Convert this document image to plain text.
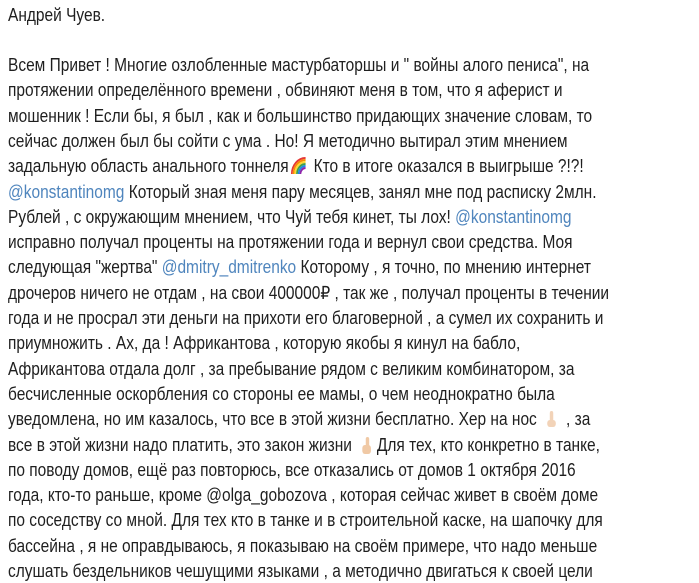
Андрей Чуев.
Всем Привет ! Многие озлобленные мастурбаторшы и " войны алого пениса", на
протяжении определённого времени , обвиняют меня в том, что я аферист и
мошенник ! Если бы, я был , как и большинство придающих значение словам, то
сейчас должен был бы сойти с ума . Но! Я методично вытирал этим мнением
задальную область анального тоннеля Кто в итоге оказался в выигрыше ?!?!
@konstantinomg Который зная меня пару месяцев, занял мне под расписку 2млн.
Рублей , с окружающим мнением, что Чуй тебя кинет, ты лох! @konstantinomg
исправно получал проценты на протяжении года и вернул свои средства. Моя
следующая "жертва" @dmitry_dmitrenko Которому , я точно, по мнению интернет
дрочеров ничего не отдам , на свои 400000₽ , так же , получал проценты в течении
года и не просрал эти деньги на прихоти его благоверной , а сумел их сохранить и
приумножить . Ах, да ! Африкантова , которую якобы я кинул на бабло,
Африкантова отдала долг , за пребывание рядом с великим комбинатором, за
бесчисленные оскорбления со стороны ее мамы, о чем неоднократно была
уведомлена, но им казалось, что все в этой жизни бесплатно. Хер на нос  , за
все в этой жизни надо платить, это закон жизни Для тех, кто конкретно в танке,
по поводу домов, ещё раз повторюсь, все отказались от домов 1 октября 2016
года, кто-то раньше, кроме @olga_gobozova , которая сейчас живет в своём доме
по соседству со мной. Для тех кто в танке и в строительной каске, на шапочку для
бассейна , я не оправдываюсь, я показываю на своём примере, что надо меньше
слушать бездельников чешущими языками , а методично двигаться к своей цели
